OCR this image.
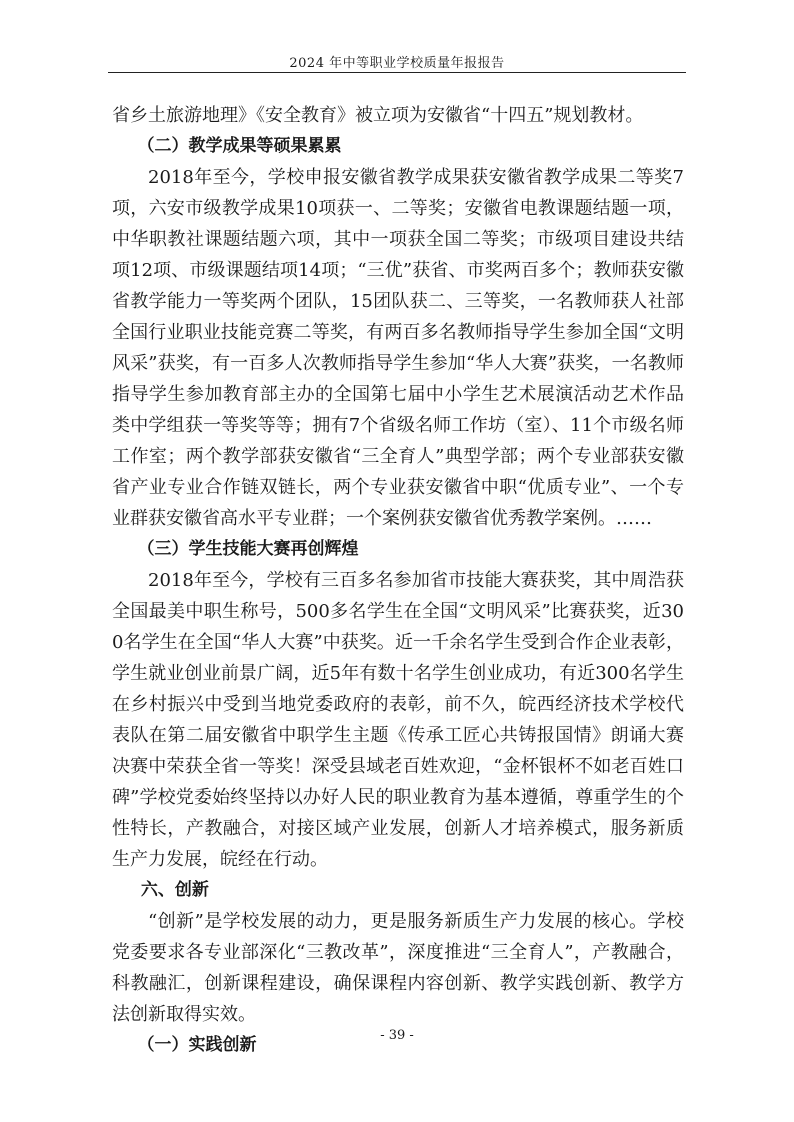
2024 年中等职业学校质量年报报告

省乡土旅游地理》《安全教育》被立项为安徽省“十四五”规划教材。

（二）教学成果等硕果累累

2018年至今，学校申报安徽省教学成果获安徽省教学成果二等奖7项，六安市级教学成果10项获一、二等奖；安徽省电教课题结题一项，中华职教社课题结题六项，其中一项获全国二等奖；市级项目建设共结项12项、市级课题结项14项；“三优”获省、市奖两百多个；教师获安徽省教学能力一等奖两个团队，15团队获二、三等奖，一名教师获人社部全国行业职业技能竞赛二等奖，有两百多名教师指导学生参加全国“文明风采”获奖，有一百多人次教师指导学生参加“华人大赛”获奖，一名教师指导学生参加教育部主办的全国第七届中小学生艺术展演活动艺术作品类中学组获一等奖等等；拥有7个省级名师工作坊（室）、11个市级名师工作室；两个教学部获安徽省“三全育人”典型学部；两个专业部获安徽省产业专业合作链双链长，两个专业获安徽省中职“优质专业”、一个专业群获安徽省高水平专业群；一个案例获安徽省优秀教学案例。……

（三）学生技能大赛再创辉煌

2018年至今，学校有三百多名参加省市技能大赛获奖，其中周浩获全国最美中职生称号，500多名学生在全国“文明风采”比赛获奖，近300名学生在全国“华人大赛”中获奖。近一千余名学生受到合作企业表彰，学生就业创业前景广阔，近5年有数十名学生创业成功，有近300名学生在乡村振兴中受到当地党委政府的表彰，前不久，皖西经济技术学校代表队在第二届安徽省中职学生主题《传承工匠心共铸报国情》朗诵大赛决赛中荣获全省一等奖！深受县域老百姓欢迎，“金杯银杯不如老百姓口碑”学校党委始终坚持以办好人民的职业教育为基本遵循，尊重学生的个性特长，产教融合，对接区域产业发展，创新人才培养模式，服务新质生产力发展，皖经在行动。

六、创新

“创新”是学校发展的动力，更是服务新质生产力发展的核心。学校党委要求各专业部深化“三教改革”，深度推进“三全育人”，产教融合，科教融汇，创新课程建设，确保课程内容创新、教学实践创新、教学方法创新取得实效。

（一）实践创新	- 39 -
